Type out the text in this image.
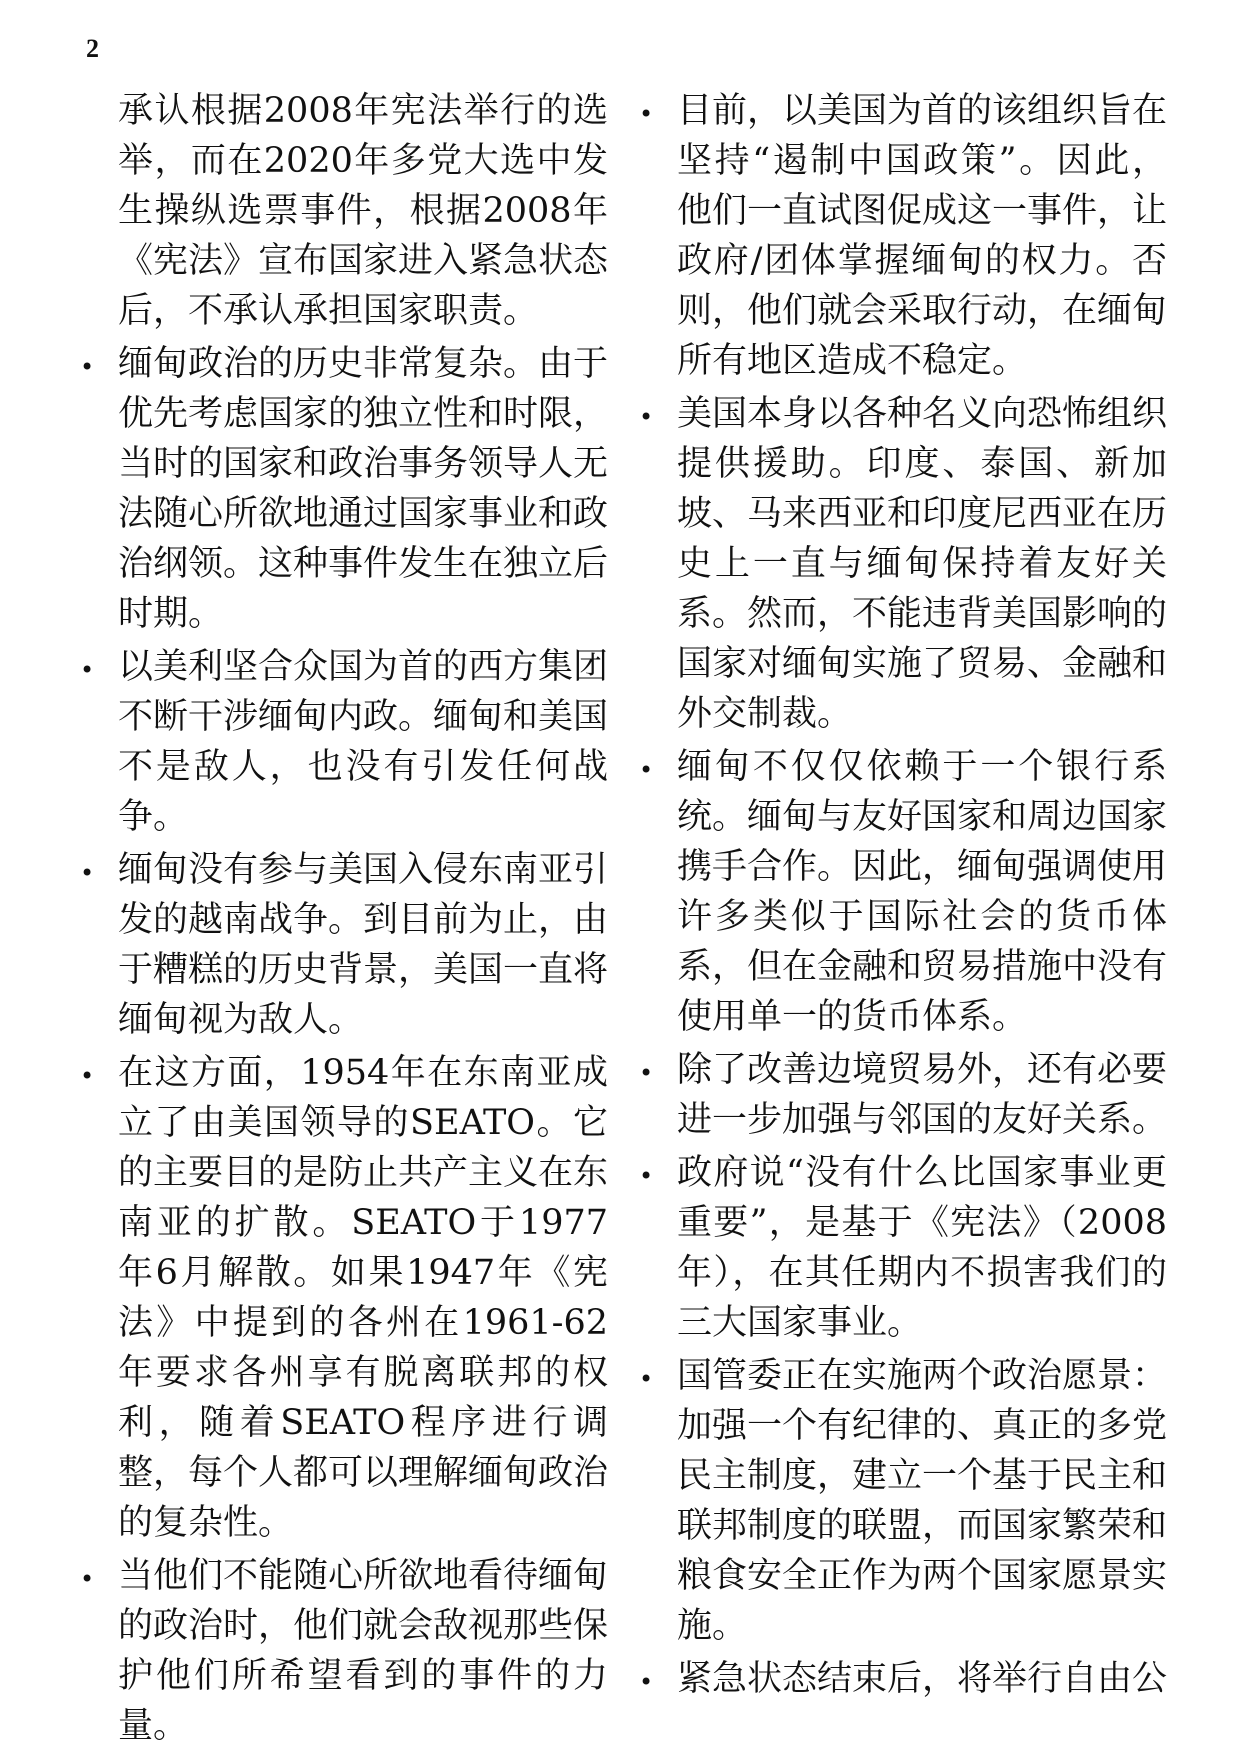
2

承认根据2008年宪法举行的选举，而在2020年多党大选中发生操纵选票事件，根据2008年《宪法》宣布国家进入紧急状态后，不承认承担国家职责。

• 缅甸政治的历史非常复杂。由于优先考虑国家的独立性和时限，当时的国家和政治事务领导人无法随心所欲地通过国家事业和政治纲领。这种事件发生在独立后时期。

• 以美利坚合众国为首的西方集团不断干涉缅甸内政。缅甸和美国不是敌人，也没有引发任何战争。

• 缅甸没有参与美国入侵东南亚引发的越南战争。到目前为止，由于糟糕的历史背景，美国一直将缅甸视为敌人。

• 在这方面，1954年在东南亚成立了由美国领导的SEATO。它的主要目的是防止共产主义在东南亚的扩散。SEATO于1977年6月解散。如果1947年《宪法》中提到的各州在1961-62年要求各州享有脱离联邦的权利，随着SEATO程序进行调整，每个人都可以理解缅甸政治的复杂性。

• 当他们不能随心所欲地看待缅甸的政治时，他们就会敌视那些保护他们所希望看到的事件的力量。

• 目前，以美国为首的该组织旨在坚持“遏制中国政策”。因此，他们一直试图促成这一事件，让政府/团体掌握缅甸的权力。否则，他们就会采取行动，在缅甸所有地区造成不稳定。

• 美国本身以各种名义向恐怖组织提供援助。印度、泰国、新加坡、马来西亚和印度尼西亚在历史上一直与缅甸保持着友好关系。然而，不能违背美国影响的国家对缅甸实施了贸易、金融和外交制裁。

• 缅甸不仅仅依赖于一个银行系统。缅甸与友好国家和周边国家携手合作。因此，缅甸强调使用许多类似于国际社会的货币体系，但在金融和贸易措施中没有使用单一的货币体系。

• 除了改善边境贸易外，还有必要进一步加强与邻国的友好关系。

• 政府说“没有什么比国家事业更重要”，是基于《宪法》（2008年），在其任期内不损害我们的三大国家事业。

• 国管委正在实施两个政治愿景：加强一个有纪律的、真正的多党民主制度，建立一个基于民主和联邦制度的联盟，而国家繁荣和粮食安全正作为两个国家愿景实施。

• 紧急状态结束后，将举行自由公
